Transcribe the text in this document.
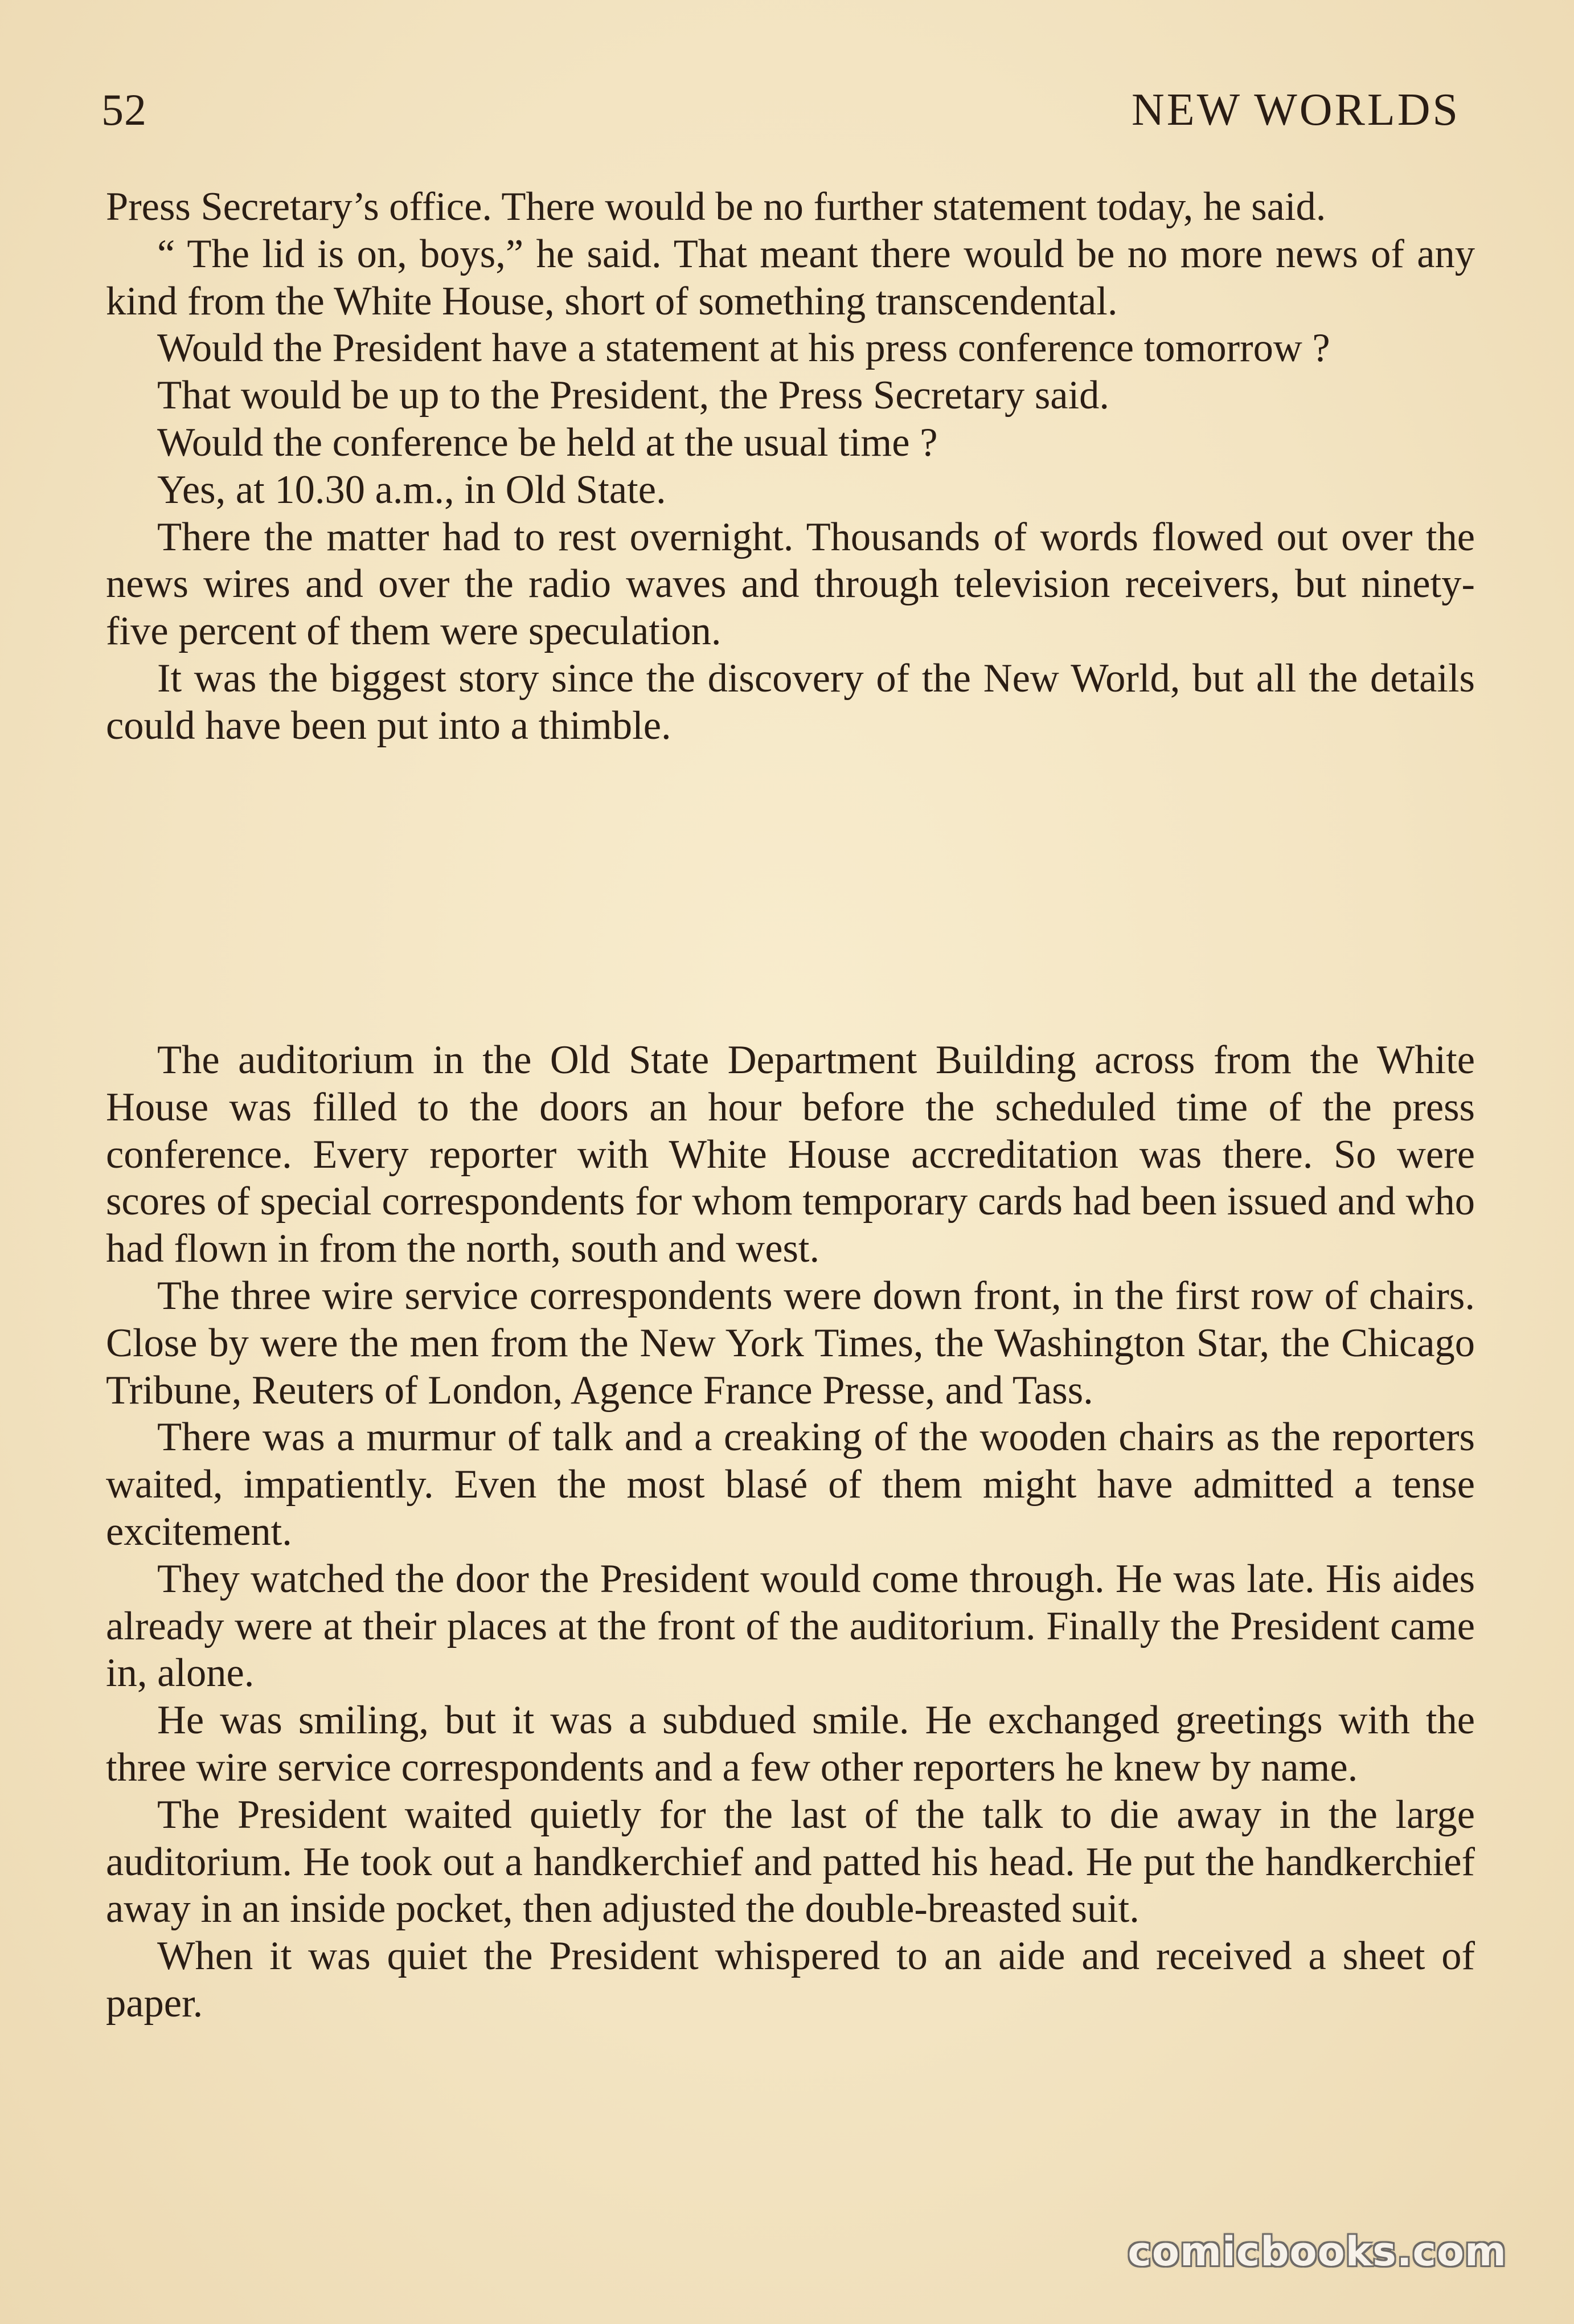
52	NEW WORLDS

Press Secretary’s office. There would be no further statement today, he said.

“ The lid is on, boys,” he said. That meant there would be no more news of any kind from the White House, short of something transcendental.

Would the President have a statement at his press conference tomorrow ?

That would be up to the President, the Press Secretary said.

Would the conference be held at the usual time ?

Yes, at 10.30 a.m., in Old State.

There the matter had to rest overnight. Thousands of words flowed out over the news wires and over the radio waves and through television receivers, but ninety-five percent of them were speculation.

It was the biggest story since the discovery of the New World, but all the details could have been put into a thimble.

The auditorium in the Old State Department Building across from the White House was filled to the doors an hour before the scheduled time of the press conference. Every reporter with White House accreditation was there. So were scores of special correspondents for whom temporary cards had been issued and who had flown in from the north, south and west.

The three wire service correspondents were down front, in the first row of chairs. Close by were the men from the New York Times, the Washington Star, the Chicago Tribune, Reuters of London, Agence France Presse, and Tass.

There was a murmur of talk and a creaking of the wooden chairs as the reporters waited, impatiently. Even the most blasé of them might have admitted a tense excitement.

They watched the door the President would come through. He was late. His aides already were at their places at the front of the auditorium. Finally the President came in, alone.

He was smiling, but it was a subdued smile. He exchanged greetings with the three wire service correspondents and a few other reporters he knew by name.

The President waited quietly for the last of the talk to die away in the large auditorium. He took out a handkerchief and patted his head. He put the handkerchief away in an inside pocket, then adjusted the double-breasted suit.

When it was quiet the President whispered to an aide and received a sheet of paper.

comicbooks.com
